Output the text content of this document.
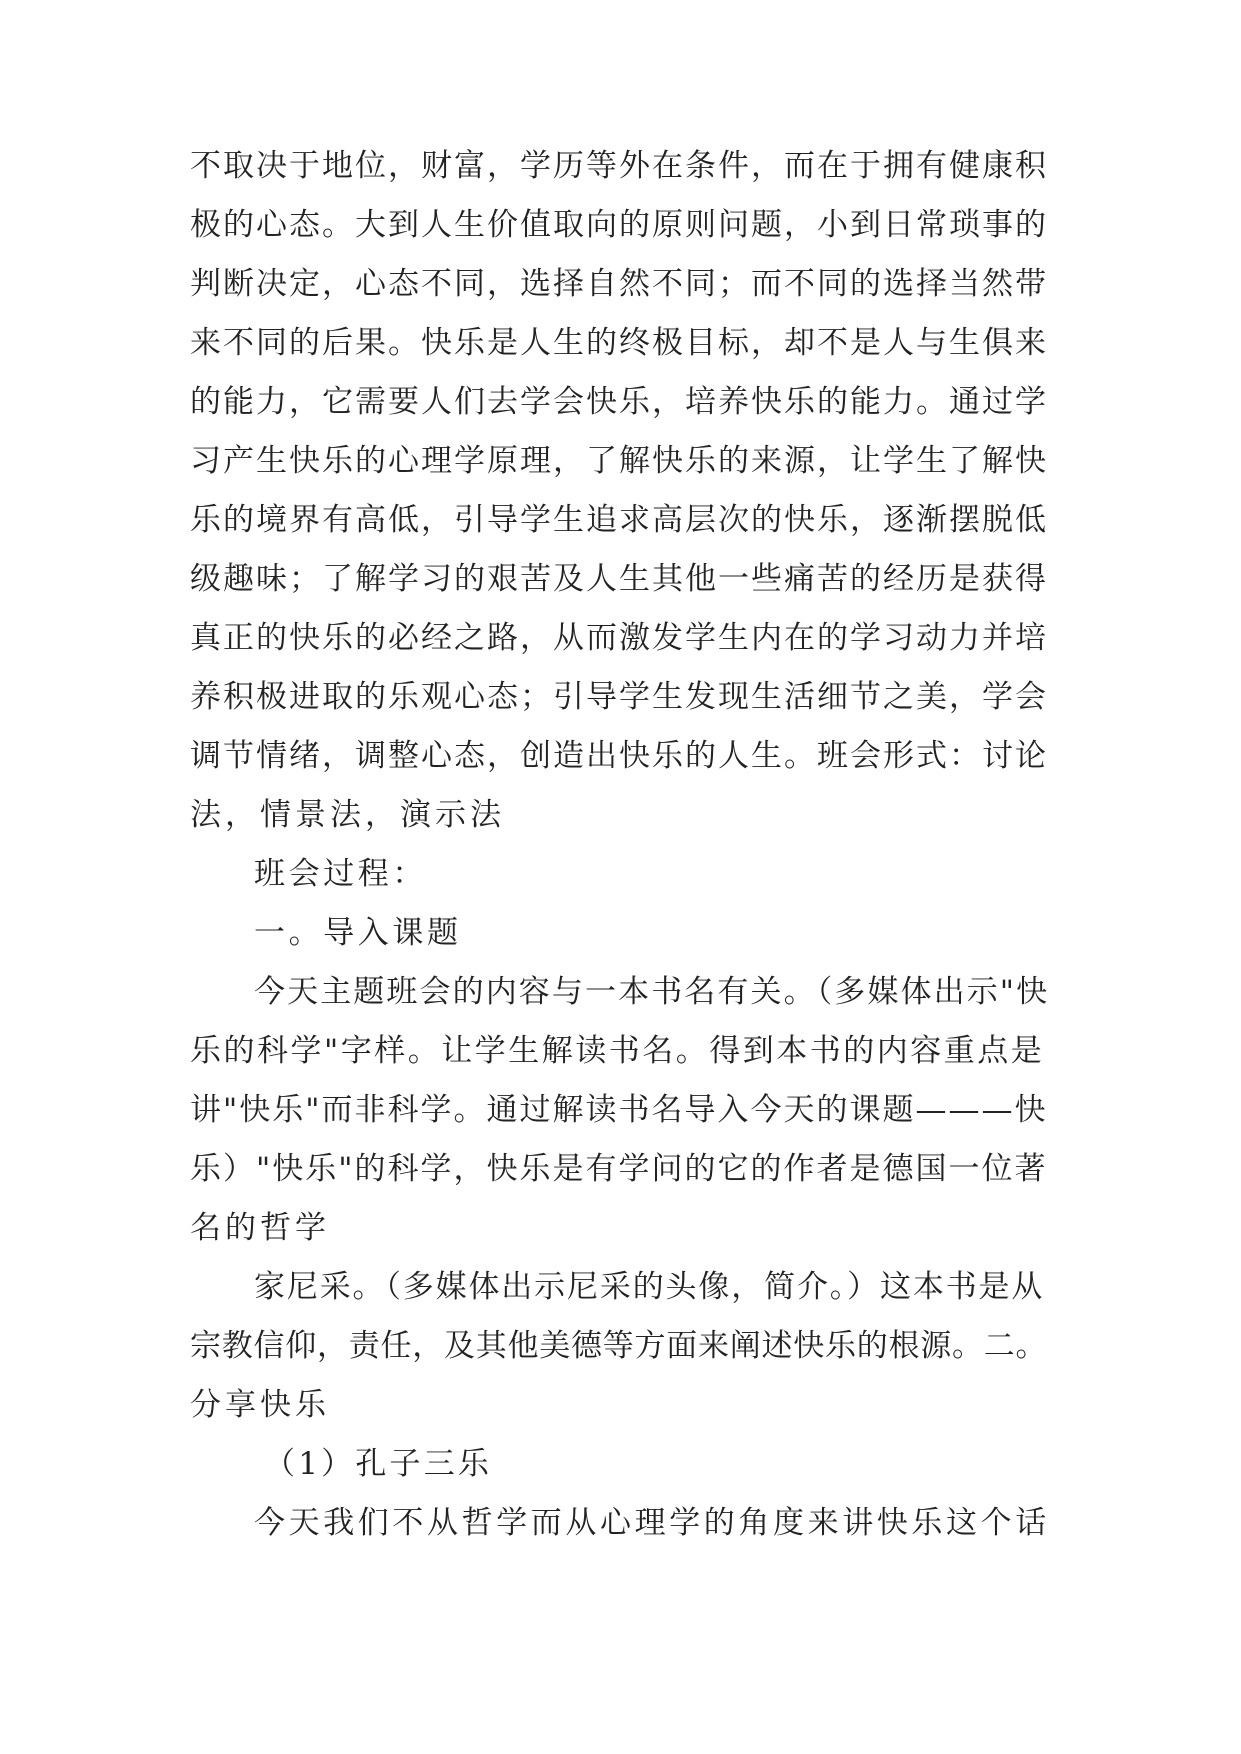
不取决于地位，财富，学历等外在条件，而在于拥有健康积

极的心态。大到人生价值取向的原则问题，小到日常琐事的

判断决定，心态不同，选择自然不同；而不同的选择当然带

来不同的后果。快乐是人生的终极目标，却不是人与生俱来

的能力，它需要人们去学会快乐，培养快乐的能力。通过学

习产生快乐的心理学原理，了解快乐的来源，让学生了解快

乐的境界有高低，引导学生追求高层次的快乐，逐渐摆脱低

级趣味；了解学习的艰苦及人生其他一些痛苦的经历是获得

真正的快乐的必经之路，从而激发学生内在的学习动力并培

养积极进取的乐观心态；引导学生发现生活细节之美，学会

调节情绪，调整心态，创造出快乐的人生。班会形式：讨论

法，情景法，演示法

班会过程：

一。导入课题

今天主题班会的内容与一本书名有关。（多媒体出示"快

乐的科学"字样。让学生解读书名。得到本书的内容重点是

讲"快乐"而非科学。通过解读书名导入今天的课题———快

乐）"快乐"的科学，快乐是有学问的它的作者是德国一位著

名的哲学

家尼采。（多媒体出示尼采的头像，简介。）这本书是从

宗教信仰，责任，及其他美德等方面来阐述快乐的根源。二。

分享快乐

（1）孔子三乐

今天我们不从哲学而从心理学的角度来讲快乐这个话
